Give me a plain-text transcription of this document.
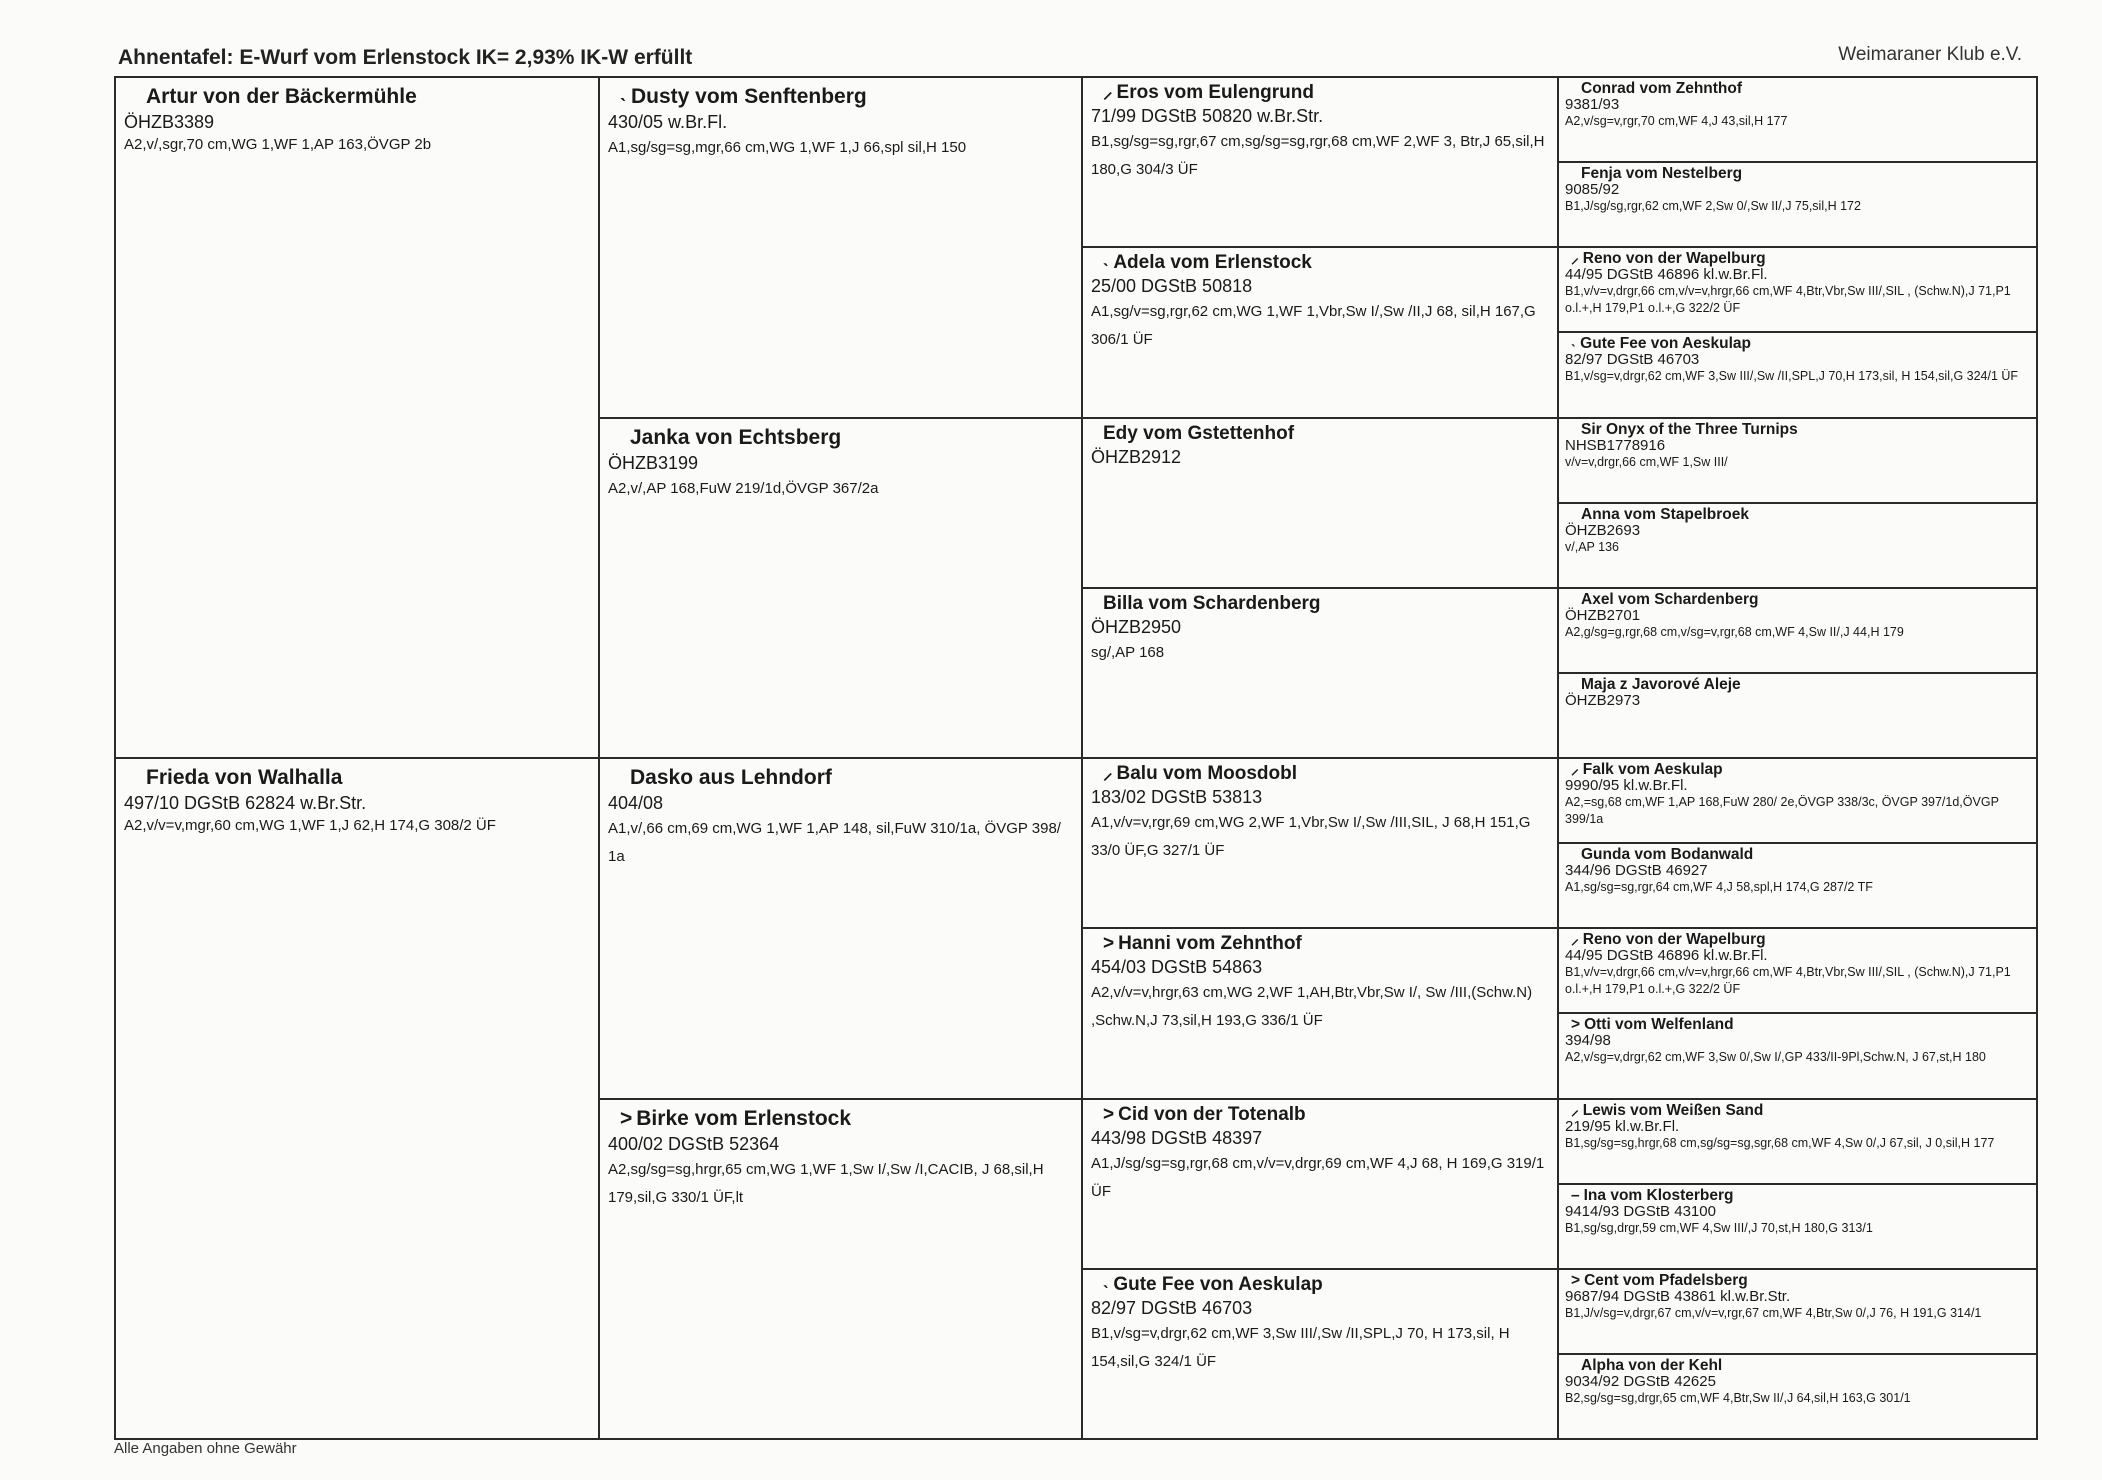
Ahnentafel: E-Wurf vom Erlenstock IK= 2,93% IK-W erfüllt	Weimaraner Klub e.V.
Artur von der Bäckermühle
ÖHZB3389
A2,v/,sgr,70 cm,WG 1,WF 1,AP 163,ÖVGP 2b
Frieda von Walhalla
497/10 DGStB 62824 w.Br.Str.
A2,v/v=v,mgr,60 cm,WG 1,WF 1,J 62,H 174,G 308/2 ÜF
˴ Dusty vom Senftenberg
430/05 w.Br.Fl.
A1,sg/sg=sg,mgr,66 cm,WG 1,WF 1,J 66,spl sil,H 150
Janka von Echtsberg
ÖHZB3199
A2,v/,AP 168,FuW 219/1d,ÖVGP 367/2a
Dasko aus Lehndorf
404/08
A1,v/,66 cm,69 cm,WG 1,WF 1,AP 148, sil,FuW 310/1a, ÖVGP 398/ 1a
> Birke vom Erlenstock
400/02 DGStB 52364
A2,sg/sg=sg,hrgr,65 cm,WG 1,WF 1,Sw I/,Sw /I,CACIB, J 68,sil,H 179,sil,G 330/1 ÜF,lt
⸝ Eros vom Eulengrund
71/99 DGStB 50820 w.Br.Str.
B1,sg/sg=sg,rgr,67 cm,sg/sg=sg,rgr,68 cm,WF 2,WF 3, Btr,J 65,sil,H 180,G 304/3 ÜF
˴ Adela vom Erlenstock
25/00 DGStB 50818
A1,sg/v=sg,rgr,62 cm,WG 1,WF 1,Vbr,Sw I/,Sw /II,J 68, sil,H 167,G 306/1 ÜF
Edy vom Gstettenhof
ÖHZB2912
Billa vom Schardenberg
ÖHZB2950
sg/,AP 168
⸝ Balu vom Moosdobl
183/02 DGStB 53813
A1,v/v=v,rgr,69 cm,WG 2,WF 1,Vbr,Sw I/,Sw /III,SIL, J 68,H 151,G 33/0 ÜF,G 327/1 ÜF
> Hanni vom Zehnthof
454/03 DGStB 54863
A2,v/v=v,hrgr,63 cm,WG 2,WF 1,AH,Btr,Vbr,Sw I/, Sw /III,(Schw.N) ,Schw.N,J 73,sil,H 193,G 336/1 ÜF
> Cid von der Totenalb
443/98 DGStB 48397
A1,J/sg/sg=sg,rgr,68 cm,v/v=v,drgr,69 cm,WF 4,J 68, H 169,G 319/1 ÜF
˴ Gute Fee von Aeskulap
82/97 DGStB 46703
B1,v/sg=v,drgr,62 cm,WF 3,Sw III/,Sw /II,SPL,J 70, H 173,sil, H 154,sil,G 324/1 ÜF
Conrad vom Zehnthof
9381/93
A2,v/sg=v,rgr,70 cm,WF 4,J 43,sil,H 177
Fenja vom Nestelberg
9085/92
B1,J/sg/sg,rgr,62 cm,WF 2,Sw 0/,Sw II/,J 75,sil,H 172
⸝ Reno von der Wapelburg
44/95 DGStB 46896 kl.w.Br.Fl.
B1,v/v=v,drgr,66 cm,v/v=v,hrgr,66 cm,WF 4,Btr,Vbr,Sw III/,SIL , (Schw.N),J 71,P1 o.l.+,H 179,P1 o.l.+,G 322/2 ÜF
˴ Gute Fee von Aeskulap
82/97 DGStB 46703
B1,v/sg=v,drgr,62 cm,WF 3,Sw III/,Sw /II,SPL,J 70,H 173,sil, H 154,sil,G 324/1 ÜF
Sir Onyx of the Three Turnips
NHSB1778916
v/v=v,drgr,66 cm,WF 1,Sw III/
Anna vom Stapelbroek
ÖHZB2693
v/,AP 136
Axel vom Schardenberg
ÖHZB2701
A2,g/sg=g,rgr,68 cm,v/sg=v,rgr,68 cm,WF 4,Sw II/,J 44,H 179
Maja z Javorové Aleje
ÖHZB2973
⸝ Falk vom Aeskulap
9990/95 kl.w.Br.Fl.
A2,=sg,68 cm,WF 1,AP 168,FuW 280/ 2e,ÖVGP 338/3c, ÖVGP 397/1d,ÖVGP 399/1a
Gunda vom Bodanwald
344/96 DGStB 46927
A1,sg/sg=sg,rgr,64 cm,WF 4,J 58,spl,H 174,G 287/2 TF
⸝ Reno von der Wapelburg
44/95 DGStB 46896 kl.w.Br.Fl.
B1,v/v=v,drgr,66 cm,v/v=v,hrgr,66 cm,WF 4,Btr,Vbr,Sw III/,SIL , (Schw.N),J 71,P1 o.l.+,H 179,P1 o.l.+,G 322/2 ÜF
> Otti vom Welfenland
394/98
A2,v/sg=v,drgr,62 cm,WF 3,Sw 0/,Sw I/,GP 433/II-9Pl,Schw.N, J 67,st,H 180
⸝ Lewis vom Weißen Sand
219/95 kl.w.Br.Fl.
B1,sg/sg=sg,hrgr,68 cm,sg/sg=sg,sgr,68 cm,WF 4,Sw 0/,J 67,sil, J 0,sil,H 177
– Ina vom Klosterberg
9414/93 DGStB 43100
B1,sg/sg,drgr,59 cm,WF 4,Sw III/,J 70,st,H 180,G 313/1
> Cent vom Pfadelsberg
9687/94 DGStB 43861 kl.w.Br.Str.
B1,J/v/sg=v,drgr,67 cm,v/v=v,rgr,67 cm,WF 4,Btr,Sw 0/,J 76, H 191,G 314/1
Alpha von der Kehl
9034/92 DGStB 42625
B2,sg/sg=sg,drgr,65 cm,WF 4,Btr,Sw II/,J 64,sil,H 163,G 301/1
Alle Angaben ohne Gewähr
